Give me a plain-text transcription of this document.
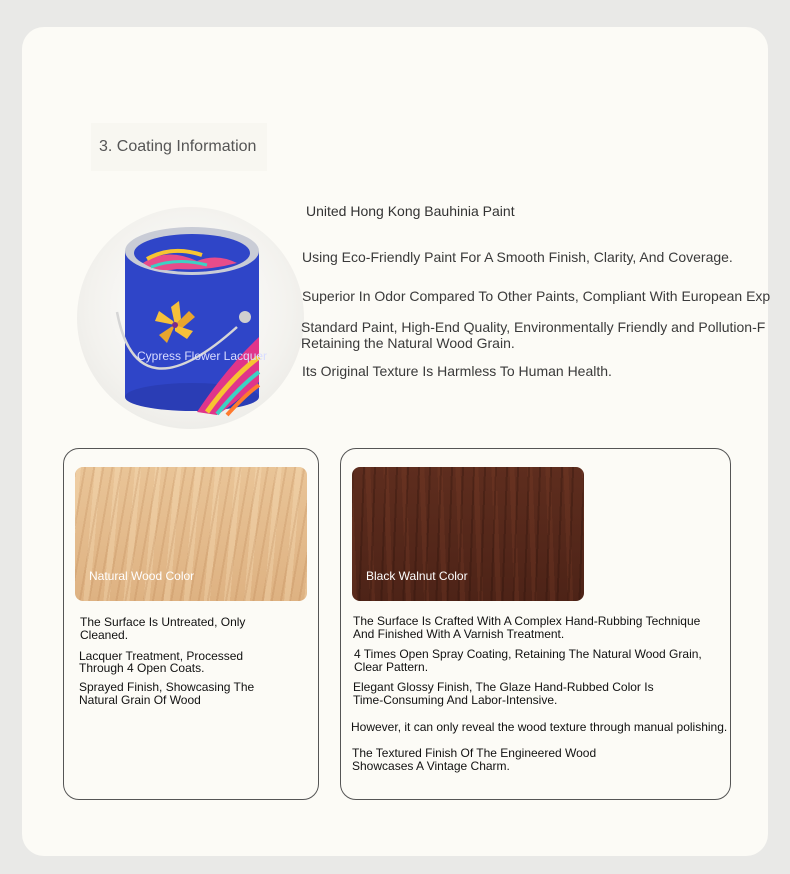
3. Coating Information
Cypress Flower Lacquer
United Hong Kong Bauhinia Paint
Using Eco-Friendly Paint For A Smooth Finish, Clarity, And Coverage.
Superior In Odor Compared To Other Paints, Compliant With European Exp
Standard Paint, High-End Quality, Environmentally Friendly and Pollution-F
Retaining the Natural Wood Grain.
Its Original Texture Is Harmless To Human Health.
Natural Wood Color
The Surface Is Untreated, Only
Cleaned.
Lacquer Treatment, Processed
Through 4 Open Coats.
Sprayed Finish, Showcasing The
Natural Grain Of Wood
Black Walnut Color
The Surface Is Crafted With A Complex Hand-Rubbing Technique
And Finished With A Varnish Treatment.
4 Times Open Spray Coating, Retaining The Natural Wood Grain,
Clear Pattern.
Elegant Glossy Finish, The Glaze Hand-Rubbed Color Is
Time-Consuming And Labor-Intensive.
However, it can only reveal the wood texture through manual polishing.
The Textured Finish Of The Engineered Wood
Showcases A Vintage Charm.
